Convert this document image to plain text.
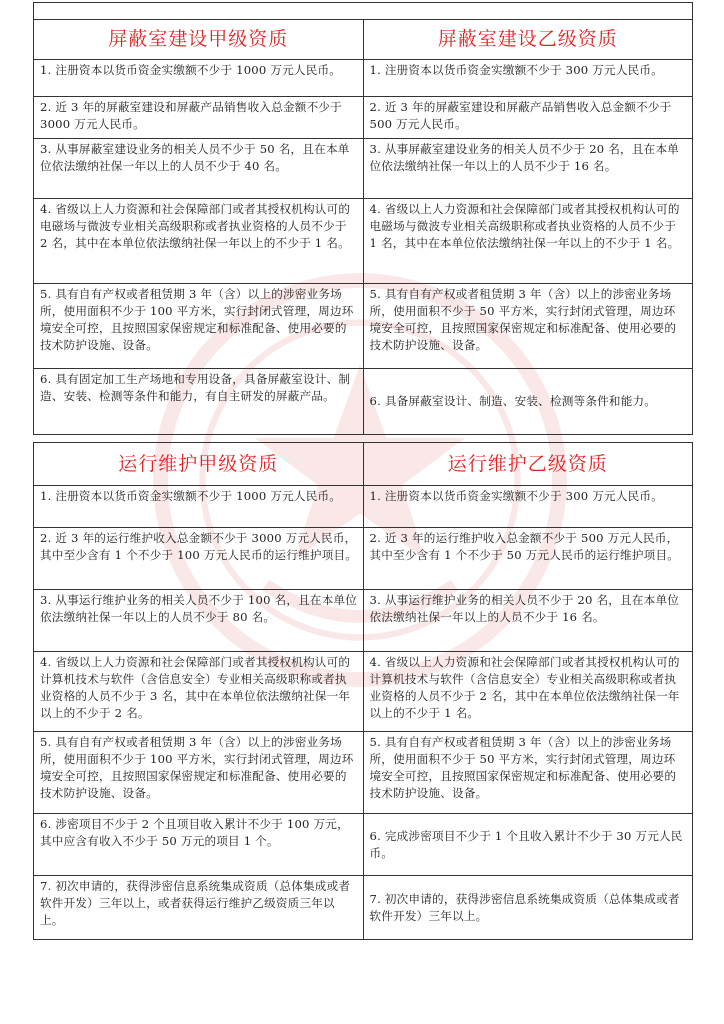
屏蔽室建设甲级资质	屏蔽室建设乙级资质
1. 注册资本以货币资金实缴额不少于 1000 万元人民币。	1. 注册资本以货币资金实缴额不少于 300 万元人民币。
2. 近 3 年的屏蔽室建设和屏蔽产品销售收入总金额不少于 3000 万元人民币。	2. 近 3 年的屏蔽室建设和屏蔽产品销售收入总金额不少于 500 万元人民币。
3. 从事屏蔽室建设业务的相关人员不少于 50 名，且在本单位依法缴纳社保一年以上的人员不少于 40 名。	3. 从事屏蔽室建设业务的相关人员不少于 20 名，且在本单位依法缴纳社保一年以上的人员不少于 16 名。
4. 省级以上人力资源和社会保障部门或者其授权机构认可的电磁场与微波专业相关高级职称或者执业资格的人员不少于 2 名，其中在本单位依法缴纳社保一年以上的不少于 1 名。	4. 省级以上人力资源和社会保障部门或者其授权机构认可的电磁场与微波专业相关高级职称或者执业资格的人员不少于 1 名，其中在本单位依法缴纳社保一年以上的不少于 1 名。
5. 具有自有产权或者租赁期 3 年（含）以上的涉密业务场所，使用面积不少于 100 平方米，实行封闭式管理，周边环境安全可控，且按照国家保密规定和标准配备、使用必要的技术防护设施、设备。	5. 具有自有产权或者租赁期 3 年（含）以上的涉密业务场所，使用面积不少于 50 平方米，实行封闭式管理，周边环境安全可控，且按照国家保密规定和标准配备、使用必要的技术防护设施、设备。
6. 具有固定加工生产场地和专用设备，具备屏蔽室设计、制造、安装、检测等条件和能力，有自主研发的屏蔽产品。	6. 具备屏蔽室设计、制造、安装、检测等条件和能力。
运行维护甲级资质	运行维护乙级资质
1. 注册资本以货币资金实缴额不少于 1000 万元人民币。	1. 注册资本以货币资金实缴额不少于 300 万元人民币。
2. 近 3 年的运行维护收入总金额不少于 3000 万元人民币，其中至少含有 1 个不少于 100 万元人民币的运行维护项目。	2. 近 3 年的运行维护收入总金额不少于 500 万元人民币，其中至少含有 1 个不少于 50 万元人民币的运行维护项目。
3. 从事运行维护业务的相关人员不少于 100 名，且在本单位依法缴纳社保一年以上的人员不少于 80 名。	3. 从事运行维护业务的相关人员不少于 20 名，且在本单位依法缴纳社保一年以上的人员不少于 16 名。
4. 省级以上人力资源和社会保障部门或者其授权机构认可的计算机技术与软件（含信息安全）专业相关高级职称或者执业资格的人员不少于 3 名，其中在本单位依法缴纳社保一年以上的不少于 2 名。	4. 省级以上人力资源和社会保障部门或者其授权机构认可的计算机技术与软件（含信息安全）专业相关高级职称或者执业资格的人员不少于 2 名，其中在本单位依法缴纳社保一年以上的不少于 1 名。
5. 具有自有产权或者租赁期 3 年（含）以上的涉密业务场所，使用面积不少于 100 平方米，实行封闭式管理，周边环境安全可控，且按照国家保密规定和标准配备、使用必要的技术防护设施、设备。	5. 具有自有产权或者租赁期 3 年（含）以上的涉密业务场所，使用面积不少于 50 平方米，实行封闭式管理，周边环境安全可控，且按照国家保密规定和标准配备、使用必要的技术防护设施、设备。
6. 涉密项目不少于 2 个且项目收入累计不少于 100 万元，其中应含有收入不少于 50 万元的项目 1 个。	6. 完成涉密项目不少于 1 个且收入累计不少于 30 万元人民币。
7. 初次申请的，获得涉密信息系统集成资质（总体集成或者软件开发）三年以上，或者获得运行维护乙级资质三年以上。	7. 初次申请的，获得涉密信息系统集成资质（总体集成或者软件开发）三年以上。
